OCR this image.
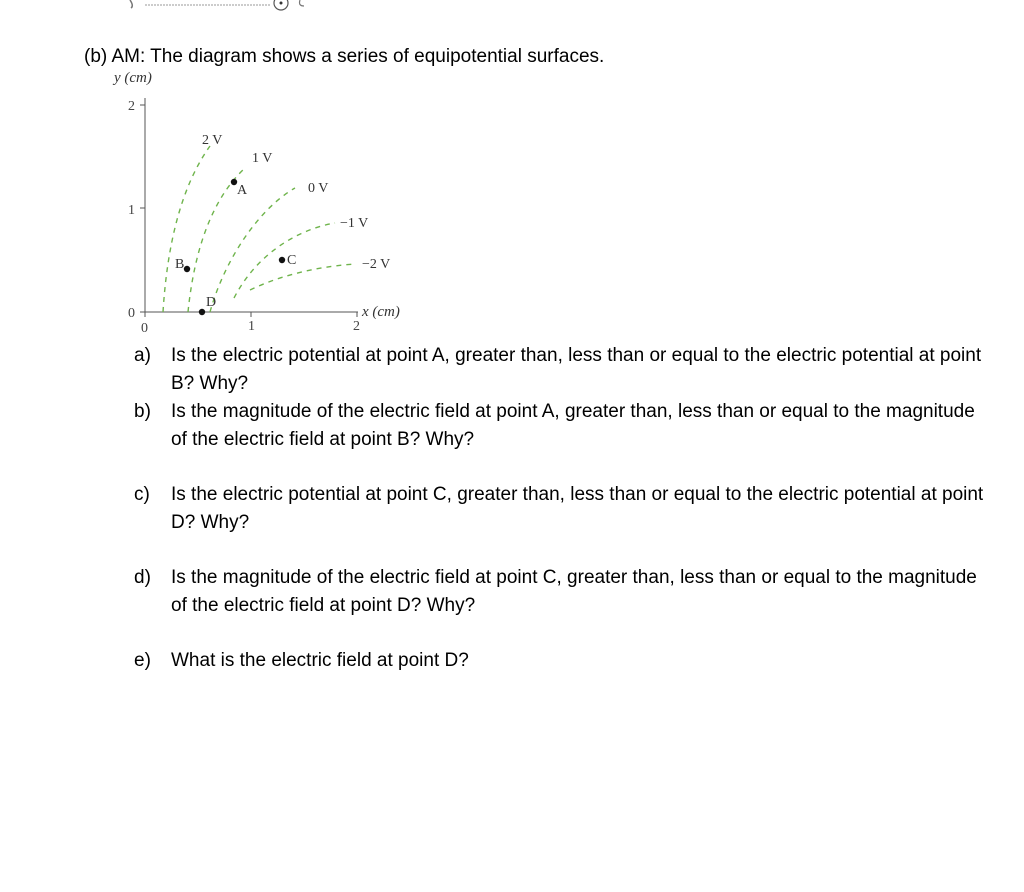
(b) AM: The diagram shows a series of equipotential surfaces.
y (cm)
x (cm)
2
1
0
0	1	2
2 V
1 V
0 V
−1 V
−2 V
A
B	C
D
a) Is the electric potential at point A, greater than, less than or equal to the electric potential at point B? Why?
b) Is the magnitude of the electric field at point A, greater than, less than or equal to the magnitude of the electric field at point B? Why?
c) Is the electric potential at point C, greater than, less than or equal to the electric potential at point D? Why?
d) Is the magnitude of the electric field at point C, greater than, less than or equal to the magnitude of the electric field at point D? Why?
e) What is the electric field at point D?
